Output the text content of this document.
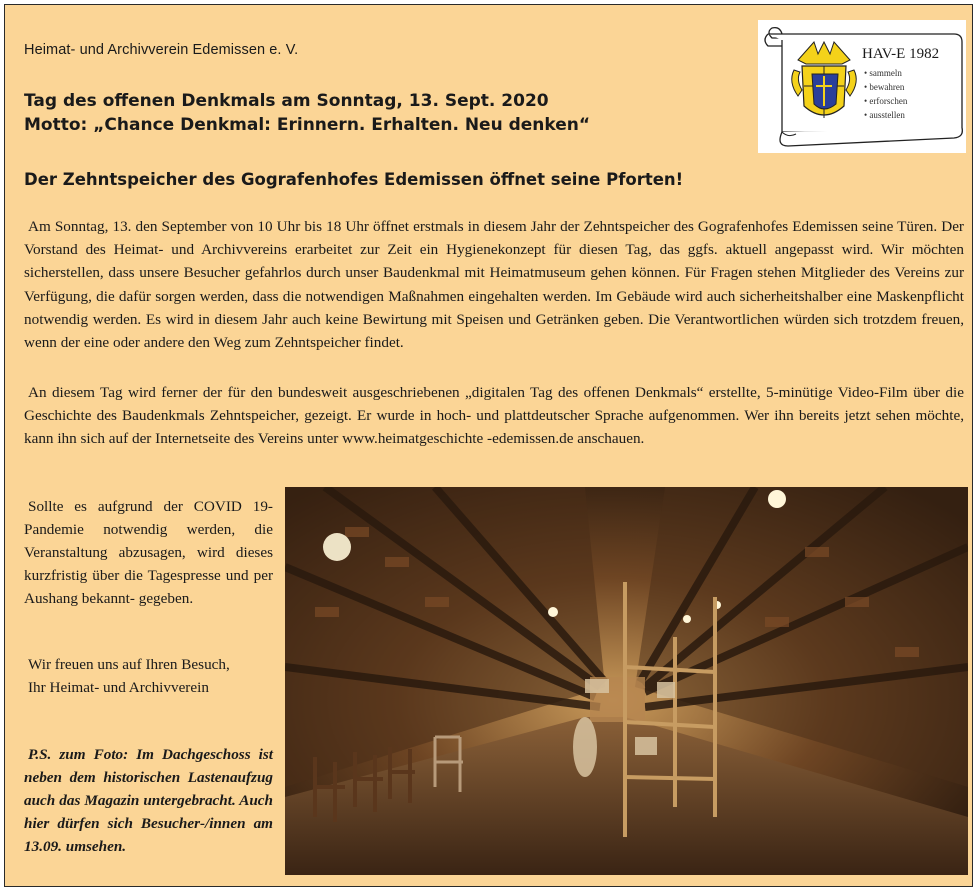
Heimat- und Archivverein Edemissen e. V.
Tag des offenen Denkmals am Sonntag, 13. Sept. 2020
Motto: „Chance Denkmal: Erinnern. Erhalten. Neu denken“
Der Zehntspeicher des Gografenhofes Edemissen öffnet seine Pforten!

Am Sonntag, 13. den September von 10 Uhr bis 18 Uhr öffnet erstmals in diesem Jahr der Zehntspeicher des Gografenhofes Edemissen seine Türen. Der Vorstand des Heimat- und Archivvereins erarbeitet zur Zeit ein Hygienekonzept für diesen Tag, das ggfs. aktuell angepasst wird. Wir möchten sicherstellen, dass unsere Besucher gefahrlos durch unser Baudenkmal mit Heimatmuseum gehen können. Für Fragen stehen Mitglieder des Vereins zur Verfügung, die dafür sorgen werden, dass die notwendigen Maßnahmen eingehalten werden. Im Gebäude wird auch sicherheitshalber eine Maskenpflicht notwendig werden. Es wird in diesem Jahr auch keine Bewirtung mit Speisen und Getränken geben. Die Verantwortlichen würden sich trotzdem freuen, wenn der eine oder andere den Weg zum Zehntspeicher findet.

An diesem Tag wird ferner der für den bundesweit ausgeschriebenen „digitalen Tag des offenen Denkmals“ erstellte, 5-minütige Video-Film über die Geschichte des Baudenkmals Zehntspeicher, gezeigt. Er wurde in hoch- und plattdeutscher Sprache aufgenommen. Wer ihn bereits jetzt sehen möchte, kann ihn sich auf der Internetseite des Vereins unter www.heimatgeschichte -edemissen.de anschauen.

Sollte es aufgrund der COVID 19-Pandemie notwendig werden, die Veranstaltung abzusagen, wird dieses kurzfristig über die Tagespresse und per Aushang bekannt- gegeben.

Wir freuen uns auf Ihren Besuch,
Ihr Heimat- und Archivverein

P.S. zum Foto: Im Dachgeschoss ist neben dem historischen Lastenaufzug auch das Magazin untergebracht. Auch hier dürfen sich Besucher-/innen am 13.09. umsehen.

HAV-E 1982
• sammeln
• bewahren
• erforschen
• ausstellen
